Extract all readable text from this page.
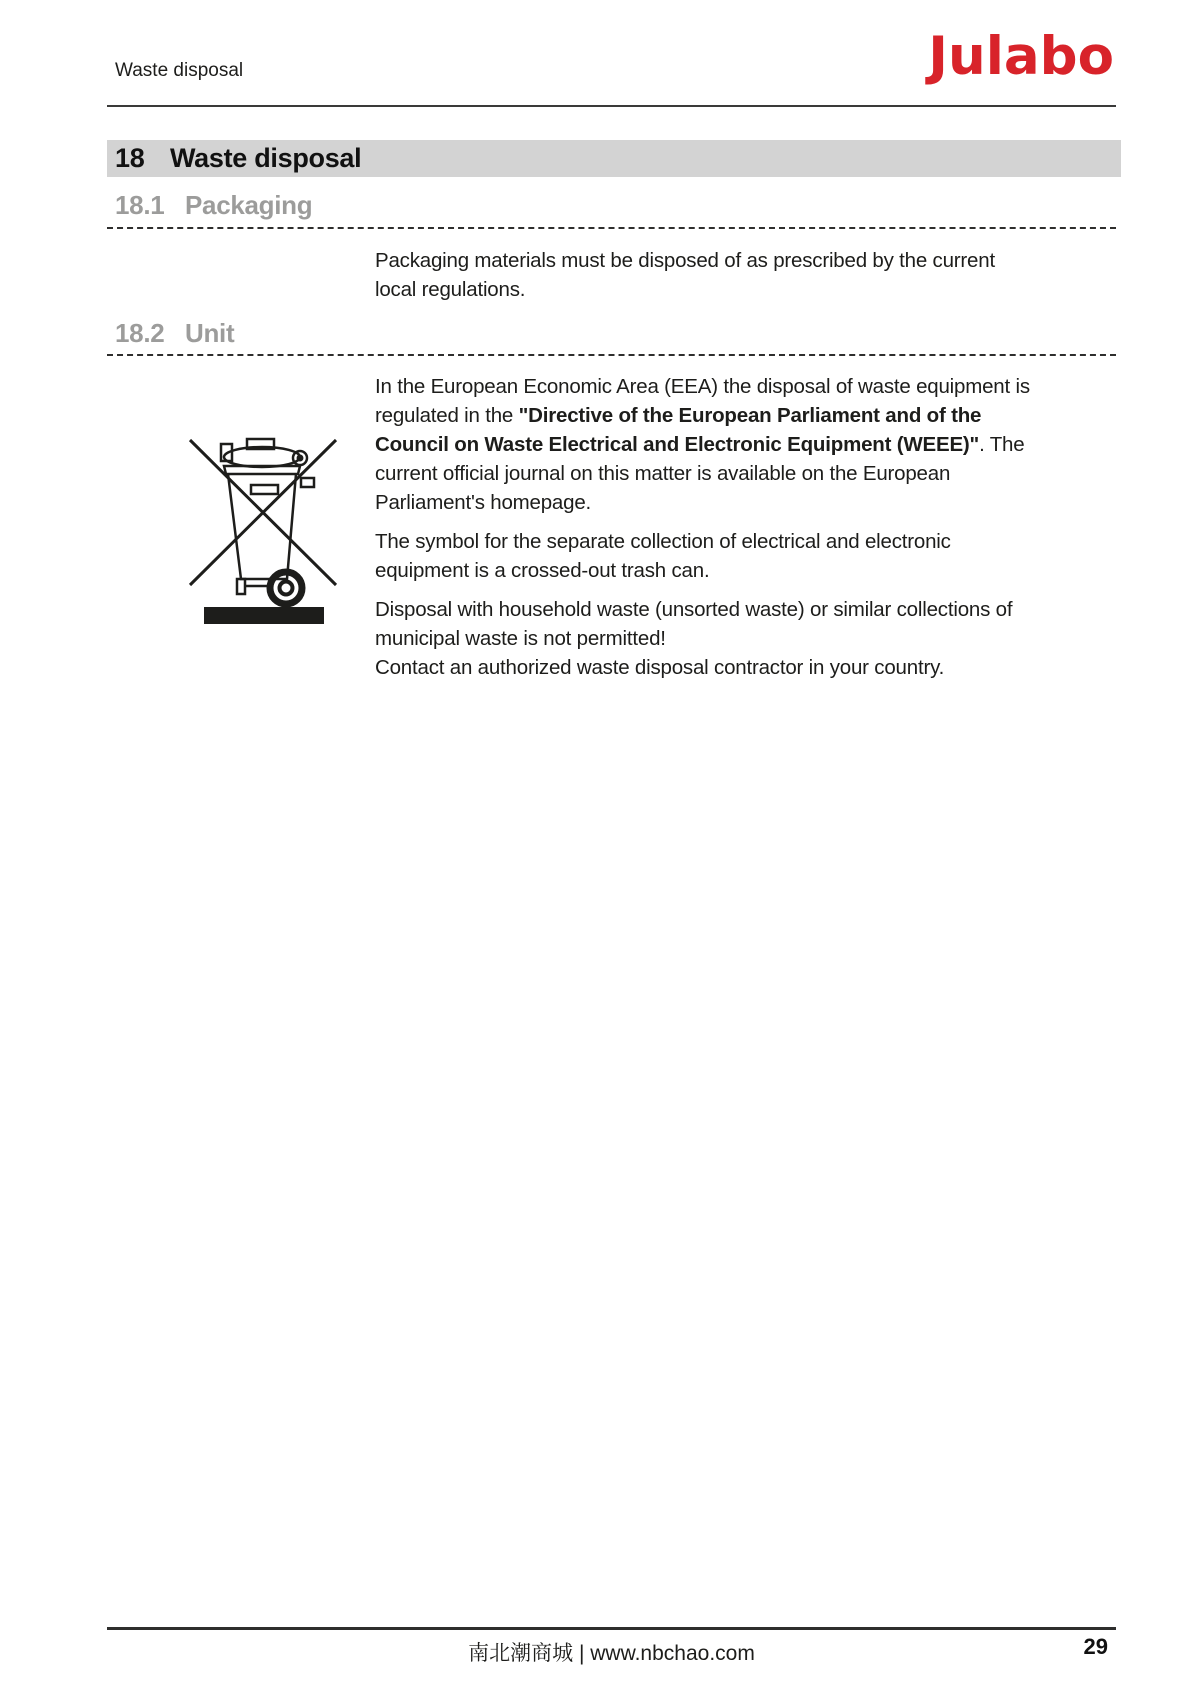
Waste disposal	Julabo
18 Waste disposal
18.1 Packaging

Packaging materials must be disposed of as prescribed by the current local regulations.

18.2 Unit

In the European Economic Area (EEA) the disposal of waste equipment is regulated in the "Directive of the European Parliament and of the Council on Waste Electrical and Electronic Equipment (WEEE)". The current official journal on this matter is available on the European Parliament's homepage.

The symbol for the separate collection of electrical and electronic equipment is a crossed-out trash can.

Disposal with household waste (unsorted waste) or similar collections of municipal waste is not permitted!
Contact an authorized waste disposal contractor in your country.

南北潮商城 | www.nbchao.com	29
